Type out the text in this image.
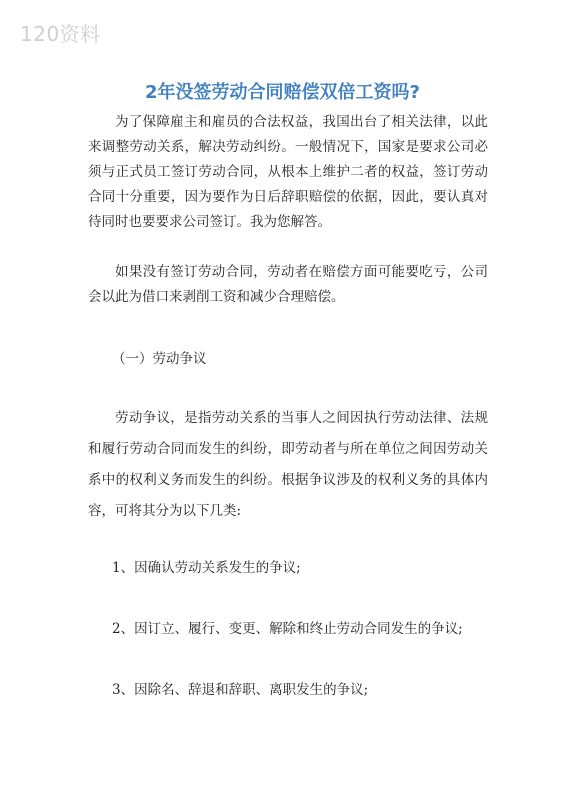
120资料
2年没签劳动合同赔偿双倍工资吗?

为了保障雇主和雇员的合法权益，我国出台了相关法律，以此来调整劳动关系，解决劳动纠纷。一般情况下，国家是要求公司必须与正式员工签订劳动合同，从根本上维护二者的权益，签订劳动合同十分重要，因为要作为日后辞职赔偿的依据，因此，要认真对待同时也要要求公司签订。我为您解答。

如果没有签订劳动合同，劳动者在赔偿方面可能要吃亏，公司会以此为借口来剥削工资和减少合理赔偿。

（一）劳动争议

劳动争议，是指劳动关系的当事人之间因执行劳动法律、法规和履行劳动合同而发生的纠纷，即劳动者与所在单位之间因劳动关系中的权利义务而发生的纠纷。根据争议涉及的权利义务的具体内容，可将其分为以下几类:

1、因确认劳动关系发生的争议;

2、因订立、履行、变更、解除和终止劳动合同发生的争议;

3、因除名、辞退和辞职、离职发生的争议;
